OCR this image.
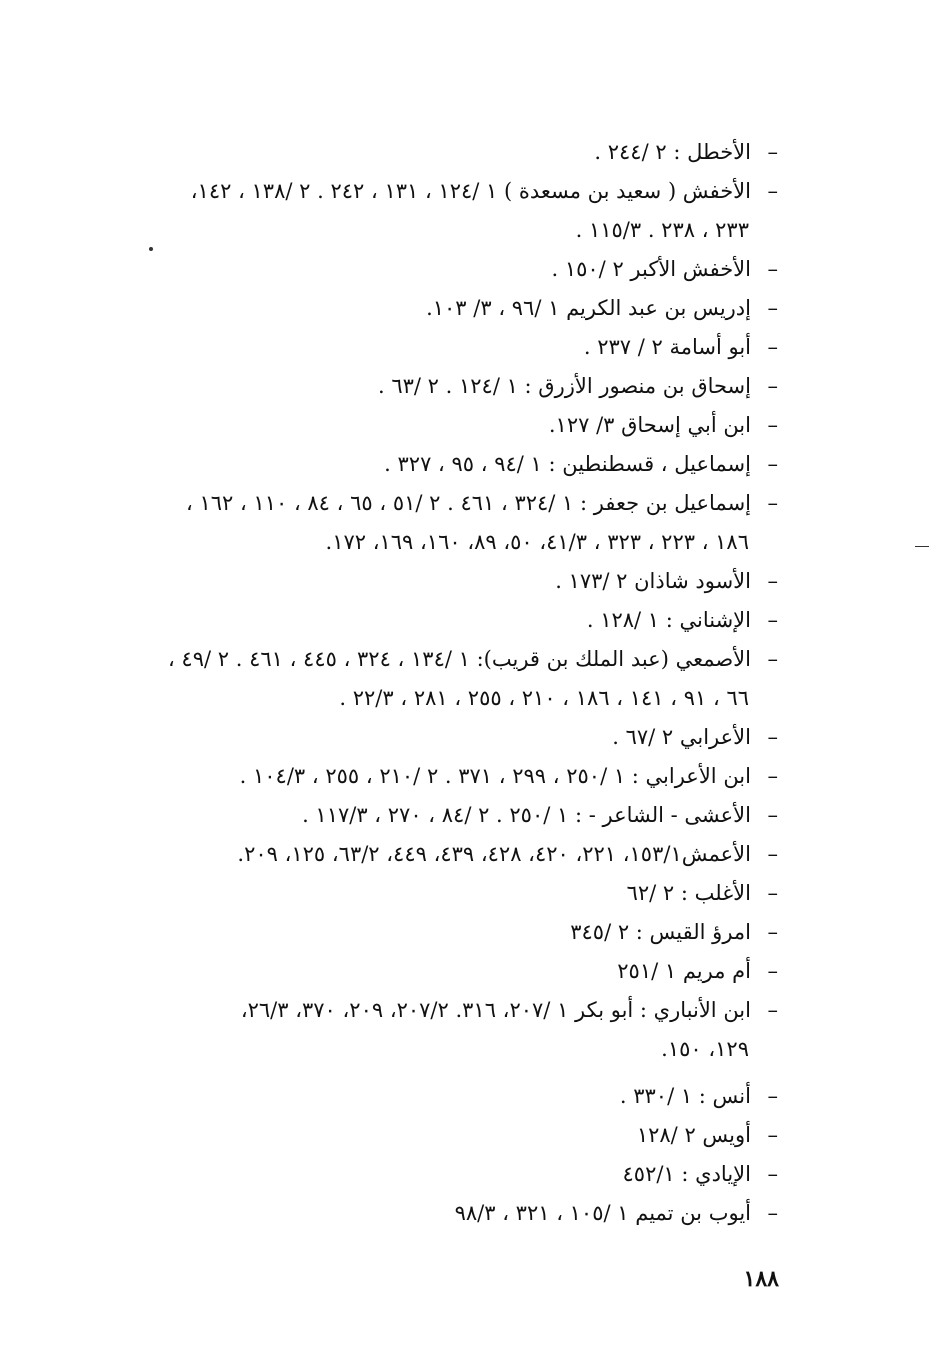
–
الأخطل : ٢ /٢٤٤ .
–
الأخفش ( سعيد بن مسعدة ) ١ /١٢٤ ، ١٣١ ، ٢٤٢ . ٢ /١٣٨ ، ١٤٢،
٢٣٣ ، ٢٣٨ . ١١٥/٣ .
–
الأخفش الأكبر ٢ /١٥٠ .
–
إدريس بن عبد الكريم ١ /٩٦ ، ٣/ ١٠٣.
–
أبو أسامة ٢ / ٢٣٧ .
–
إسحاق بن منصور الأزرق : ١ /١٢٤ . ٢ /٦٣ .
–
ابن أبي إسحاق ٣/ ١٢٧.
–
إسماعيل ، قسطنطين : ١ /٩٤ ، ٩٥ ، ٣٢٧ .
–
إسماعيل بن جعفر : ١ /٣٢٤ ، ٤٦١ . ٢ /٥١ ، ٦٥ ، ٨٤ ، ١١٠ ، ١٦٢ ،
١٨٦ ، ٢٢٣ ، ٣٢٣ ، ٤١/٣، ٥٠، ٨٩، ١٦٠، ١٦٩، ١٧٢.
–
الأسود شاذان ٢ /١٧٣ .
–
الإشناني : ١ /١٢٨ .
–
الأصمعي (عبد الملك بن قريب): ١ /١٣٤ ، ٣٢٤ ، ٤٤٥ ، ٤٦١ . ٢ /٤٩ ،
٦٦ ، ٩١ ، ١٤١ ، ١٨٦ ، ٢١٠ ، ٢٥٥ ، ٢٨١ ، ٢٢/٣ .
–
الأعرابي ٢ /٦٧ .
–
ابن الأعرابي : ١ /٢٥٠ ، ٢٩٩ ، ٣٧١ . ٢ /٢١٠ ، ٢٥٥ ، ١٠٤/٣ .
–
الأعشى - الشاعر - : ١ /٢٥٠ . ٢ /٨٤ ، ٢٧٠ ، ١١٧/٣ .
–
الأعمش١٥٣/١، ٢٢١، ٤٢٠، ٤٢٨، ٤٣٩، ٤٤٩، ٦٣/٢، ١٢٥، ٢٠٩.
–
الأغلب : ٢ /٦٢
–
امرؤ القيس : ٢ /٣٤٥
–
أم مريم ١ /٢٥١
–
ابن الأنباري : أبو بكر ١ /٢٠٧، ٣١٦. ٢٠٧/٢، ٢٠٩، ٣٧٠، ٢٦/٣،
١٢٩، ١٥٠.
–
أنس : ١ /٣٣٠ .
–
أويس ٢ /١٢٨
–
الإيادي : ٤٥٢/١
–
أيوب بن تميم ١ /١٠٥ ، ٣٢١ ، ٩٨/٣
١٨٨
